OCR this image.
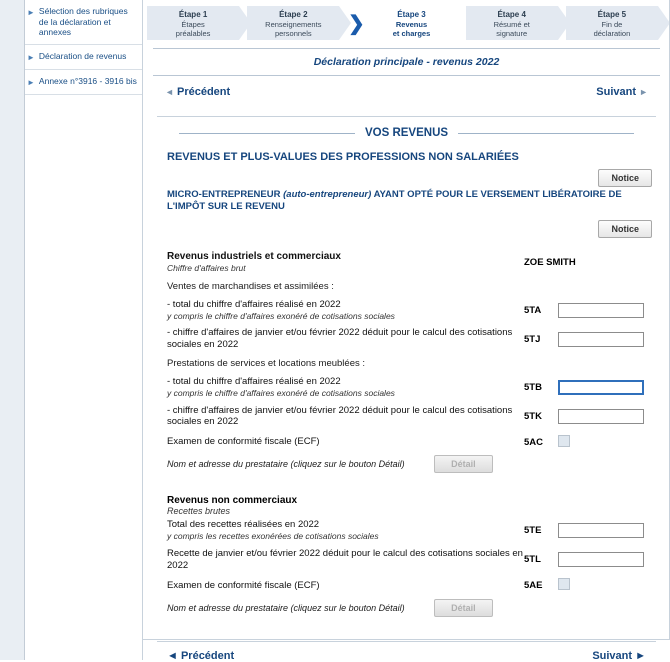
► Sélection des rubriques de la déclaration et annexes
► Déclaration de revenus
► Annexe n°3916 - 3916 bis
Étape 1
Étapes
préalables
Étape 2
Renseignements
personnels	❯	Étape 3
Revenus
et charges
Étape 4
Résumé et
signature
Étape 5
Fin de
déclaration
Déclaration principale - revenus 2022
◄ Précédent	Suivant ►
VOS REVENUS
REVENUS ET PLUS-VALUES DES PROFESSIONS NON SALARIÉES
Notice
MICRO-ENTREPRENEUR (auto-entrepreneur) AYANT OPTÉ POUR LE VERSEMENT LIBÉRATOIRE DE L'IMPÔT SUR LE REVENU
Notice
Revenus industriels et commerciaux
Chiffre d'affaires brut
ZOE SMITH
Ventes de marchandises et assimilées :
- total du chiffre d'affaires réalisé en 2022
y compris le chiffre d'affaires exonéré de cotisations sociales
5TA
- chiffre d'affaires de janvier et/ou février 2022 déduit pour le calcul des cotisations sociales en 2022	5TJ
Prestations de services et locations meublées :
- total du chiffre d'affaires réalisé en 2022
y compris le chiffre d'affaires exonéré de cotisations sociales
5TB
- chiffre d'affaires de janvier et/ou février 2022 déduit pour le calcul des cotisations sociales en 2022	5TK
Examen de conformité fiscale (ECF)	5AC
Nom et adresse du prestataire (cliquez sur le bouton Détail)	Détail
Revenus non commerciaux
Recettes brutes
Total des recettes réalisées en 2022
y compris les recettes exonérées de cotisations sociales
5TE
Recette de janvier et/ou février 2022 déduit pour le calcul des cotisations sociales en 2022	5TL
Examen de conformité fiscale (ECF)	5AE
Nom et adresse du prestataire (cliquez sur le bouton Détail)	Détail
◄ Précédent	Suivant ►
